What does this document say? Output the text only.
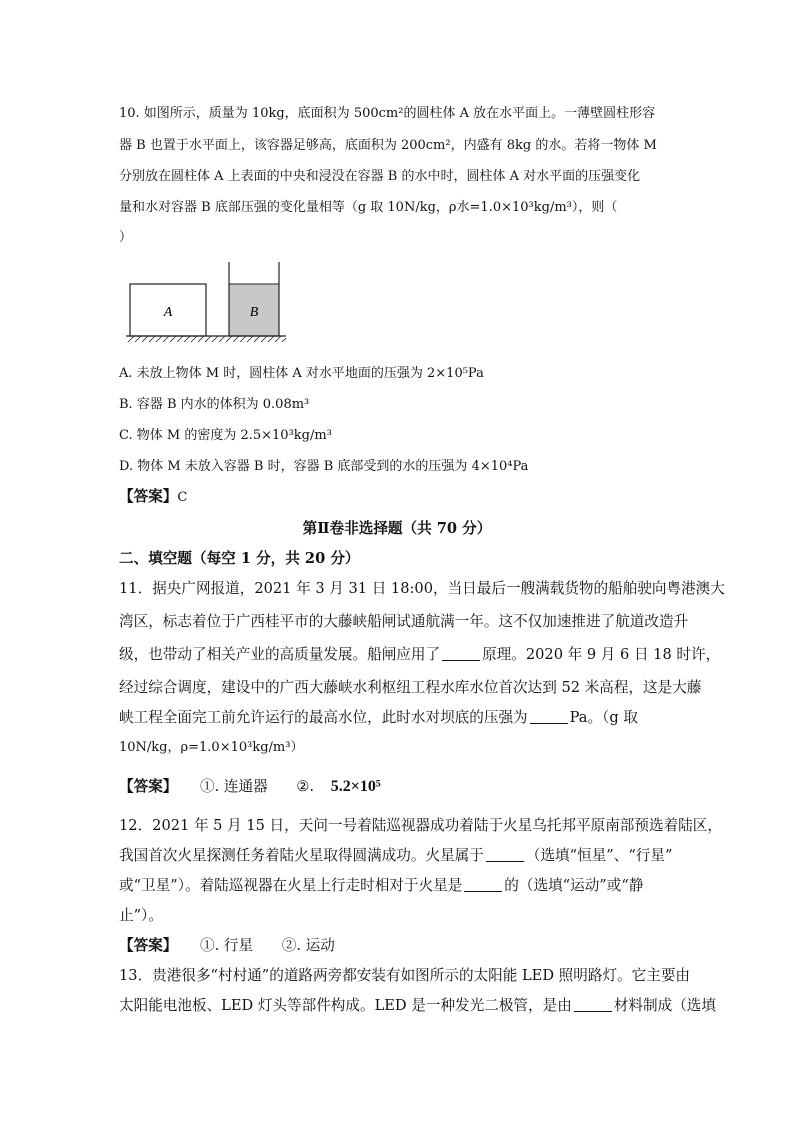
10. 如图所示，质量为 10kg，底面积为 500cm²的圆柱体 A 放在水平面上。一薄壁圆柱形容
器 B 也置于水平面上，该容器足够高，底面积为 200cm²，内盛有 8kg 的水。若将一物体 M
分别放在圆柱体 A 上表面的中央和浸没在容器 B 的水中时，圆柱体 A 对水平面的压强变化
量和水对容器 B 底部压强的变化量相等（g 取 10N/kg，ρ水=1.0×10³kg/m³），则（
）
A	B
A. 未放上物体 M 时，圆柱体 A 对水平地面的压强为 2×10⁵Pa
B. 容器 B 内水的体积为 0.08m³
C. 物体 M 的密度为 2.5×10³kg/m³
D. 物体 M 未放入容器 B 时，容器 B 底部受到的水的压强为 4×10⁴Pa
【答案】C
第Ⅱ卷非选择题（共 70 分）
二、填空题（每空 1 分，共 20 分）
11．据央广网报道，2021 年 3 月 31 日 18:00，当日最后一艘满载货物的船舶驶向粤港澳大
湾区，标志着位于广西桂平市的大藤峡船闸试通航满一年。这不仅加速推进了航道改造升
级，也带动了相关产业的高质量发展。船闸应用了	原理。2020 年 9 月 6 日 18 时许，
经过综合调度，建设中的广西大藤峡水利枢纽工程水库水位首次达到 52 米高程，这是大藤
峡工程全面完工前允许运行的最高水位，此时水对坝底的压强为	Pa。（g 取
10N/kg，ρ=1.0×10³kg/m³）
【答案】 ①. 连通器 ②. 5.2×10⁵
12．2021 年 5 月 15 日，天问一号着陆巡视器成功着陆于火星乌托邦平原南部预选着陆区，
我国首次火星探测任务着陆火星取得圆满成功。火星属于	（选填“恒星”、“行星”
或“卫星”）。着陆巡视器在火星上行走时相对于火星是	的（选填“运动”或“静
止”）。
【答案】 ①. 行星 ②. 运动
13．贵港很多“村村通”的道路两旁都安装有如图所示的太阳能 LED 照明路灯。它主要由
太阳能电池板、LED 灯头等部件构成。LED 是一种发光二极管，是由	材料制成（选填
